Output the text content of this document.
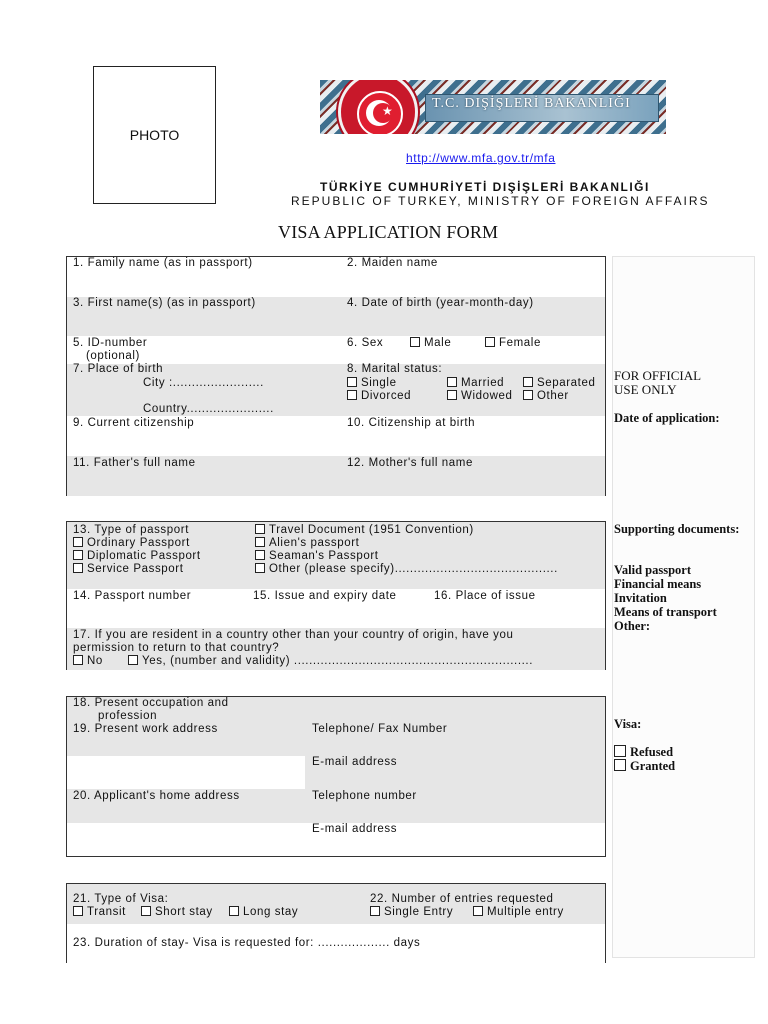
PHOTO
★	T.C. DIŞİŞLERİ BAKANLIĞI
http://www.mfa.gov.tr/mfa
TÜRKİYE CUMHURİYETİ DIŞİŞLERİ BAKANLIĞI
REPUBLIC OF TURKEY, MINISTRY OF FOREIGN AFFAIRS
VISA APPLICATION FORM
1. Family name (as in passport)	2. Maiden name
3. First name(s) (as in passport)	4. Date of birth (year-month-day)
5. ID-number
(optional)
6. Sex	Male	Female
7. Place of birth
City :........................
Country.......................
8. Marital status:
Single	Married	Separated
Divorced	Widowed	Other
9. Current citizenship	10. Citizenship at birth
11. Father's full name	12. Mother's full name
13. Type of passport
Ordinary Passport
Diplomatic Passport
Service Passport
Travel Document (1951 Convention)
Alien's passport
Seaman's Passport
Other (please specify)...........................................
14. Passport number	15. Issue and expiry date	16. Place of issue
17. If you are resident in a country other than your country of origin, have you
permission to return to that country?
No	Yes, (number and validity) ...............................................................
18. Present occupation and
profession
19. Present work address	Telephone/ Fax Number
E-mail address
20. Applicant's home address	Telephone number
E-mail address
21. Type of Visa:
Transit	Short stay	Long stay
22. Number of entries requested
Single Entry	Multiple entry
23. Duration of stay- Visa is requested for: ................... days
FOR OFFICIAL
USE ONLY
Date of application:
Supporting documents:
Valid passport
Financial means
Invitation
Means of transport
Other:
Visa:
Refused
Granted
